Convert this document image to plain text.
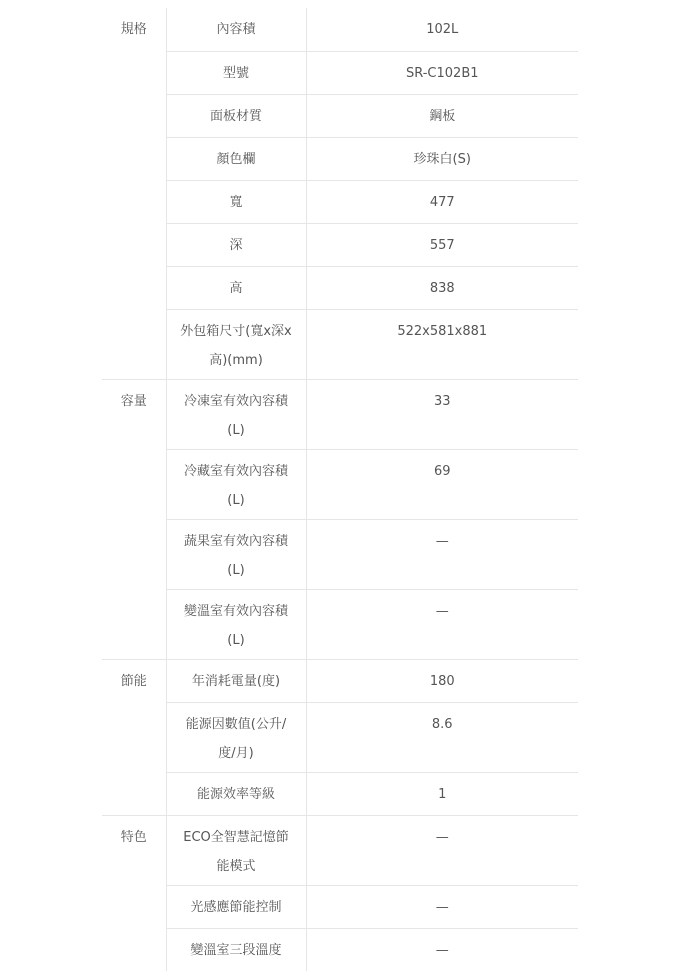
規格	內容積	102L
	型號	SR-C102B1
	面板材質	鋼板
	顏色欄	珍珠白(S)
	寬	477
	深	557
	高	838
	外包箱尺寸(寬x深x高)(mm)	522x581x881
容量	冷凍室有效內容積(L)	33
	冷藏室有效內容積(L)	69
	蔬果室有效內容積(L)	—
	變溫室有效內容積(L)	—
節能	年消耗電量(度)	180
	能源因數值(公升/度/月)	8.6
	能源效率等級	1
特色	ECO全智慧記憶節能模式	—
	光感應節能控制	—
	變溫室三段溫度	—
